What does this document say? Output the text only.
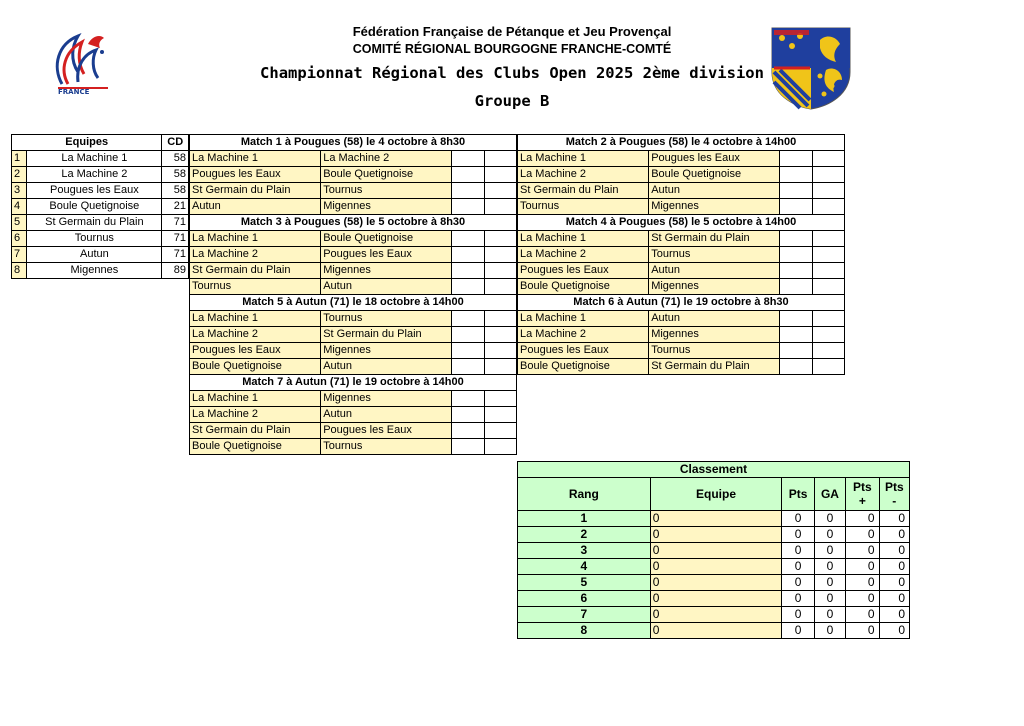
FRANCE
Fédération Française de Pétanque et Jeu Provençal
COMITÉ RÉGIONAL BOURGOGNE FRANCHE-COMTÉ
Championnat Régional des Clubs Open 2025 2ème division
Groupe B
Equipes		CD
1	La Machine 1	58
2	La Machine 2	58
3	Pougues les Eaux	58
4	Boule Quetignoise	21
5	St Germain du Plain	71
6	Tournus	71
7	Autun	71
8	Migennes	89
Match 1 à Pougues (58) le 4 octobre à 8h30			
La Machine 1	La Machine 2		
Pougues les Eaux	Boule Quetignoise		
St Germain du Plain	Tournus		
Autun	Migennes		
Match 3 à Pougues (58) le 5 octobre à 8h30			
La Machine 1	Boule Quetignoise		
La Machine 2	Pougues les Eaux		
St Germain du Plain	Migennes		
Tournus	Autun		
Match 5 à Autun (71) le 18 octobre à 14h00			
La Machine 1	Tournus		
La Machine 2	St Germain du Plain		
Pougues les Eaux	Migennes		
Boule Quetignoise	Autun		
Match 7 à Autun (71) le 19 octobre à 14h00			
La Machine 1	Migennes		
La Machine 2	Autun		
St Germain du Plain	Pougues les Eaux		
Boule Quetignoise	Tournus		
Match 2 à Pougues (58) le 4 octobre à 14h00			
La Machine 1	Pougues les Eaux		
La Machine 2	Boule Quetignoise		
St Germain du Plain	Autun		
Tournus	Migennes		
Match 4 à Pougues (58) le 5 octobre à 14h00			
La Machine 1	St Germain du Plain		
La Machine 2	Tournus		
Pougues les Eaux	Autun		
Boule Quetignoise	Migennes		
Match 6 à Autun (71) le 19 octobre à 8h30			
La Machine 1	Autun		
La Machine 2	Migennes		
Pougues les Eaux	Tournus		
Boule Quetignoise	St Germain du Plain		
Classement					
Rang	Equipe	Pts	GA	Pts +	Pts -
1	0	0	0	0	0
2	0	0	0	0	0
3	0	0	0	0	0
4	0	0	0	0	0
5	0	0	0	0	0
6	0	0	0	0	0
7	0	0	0	0	0
8	0	0	0	0	0
